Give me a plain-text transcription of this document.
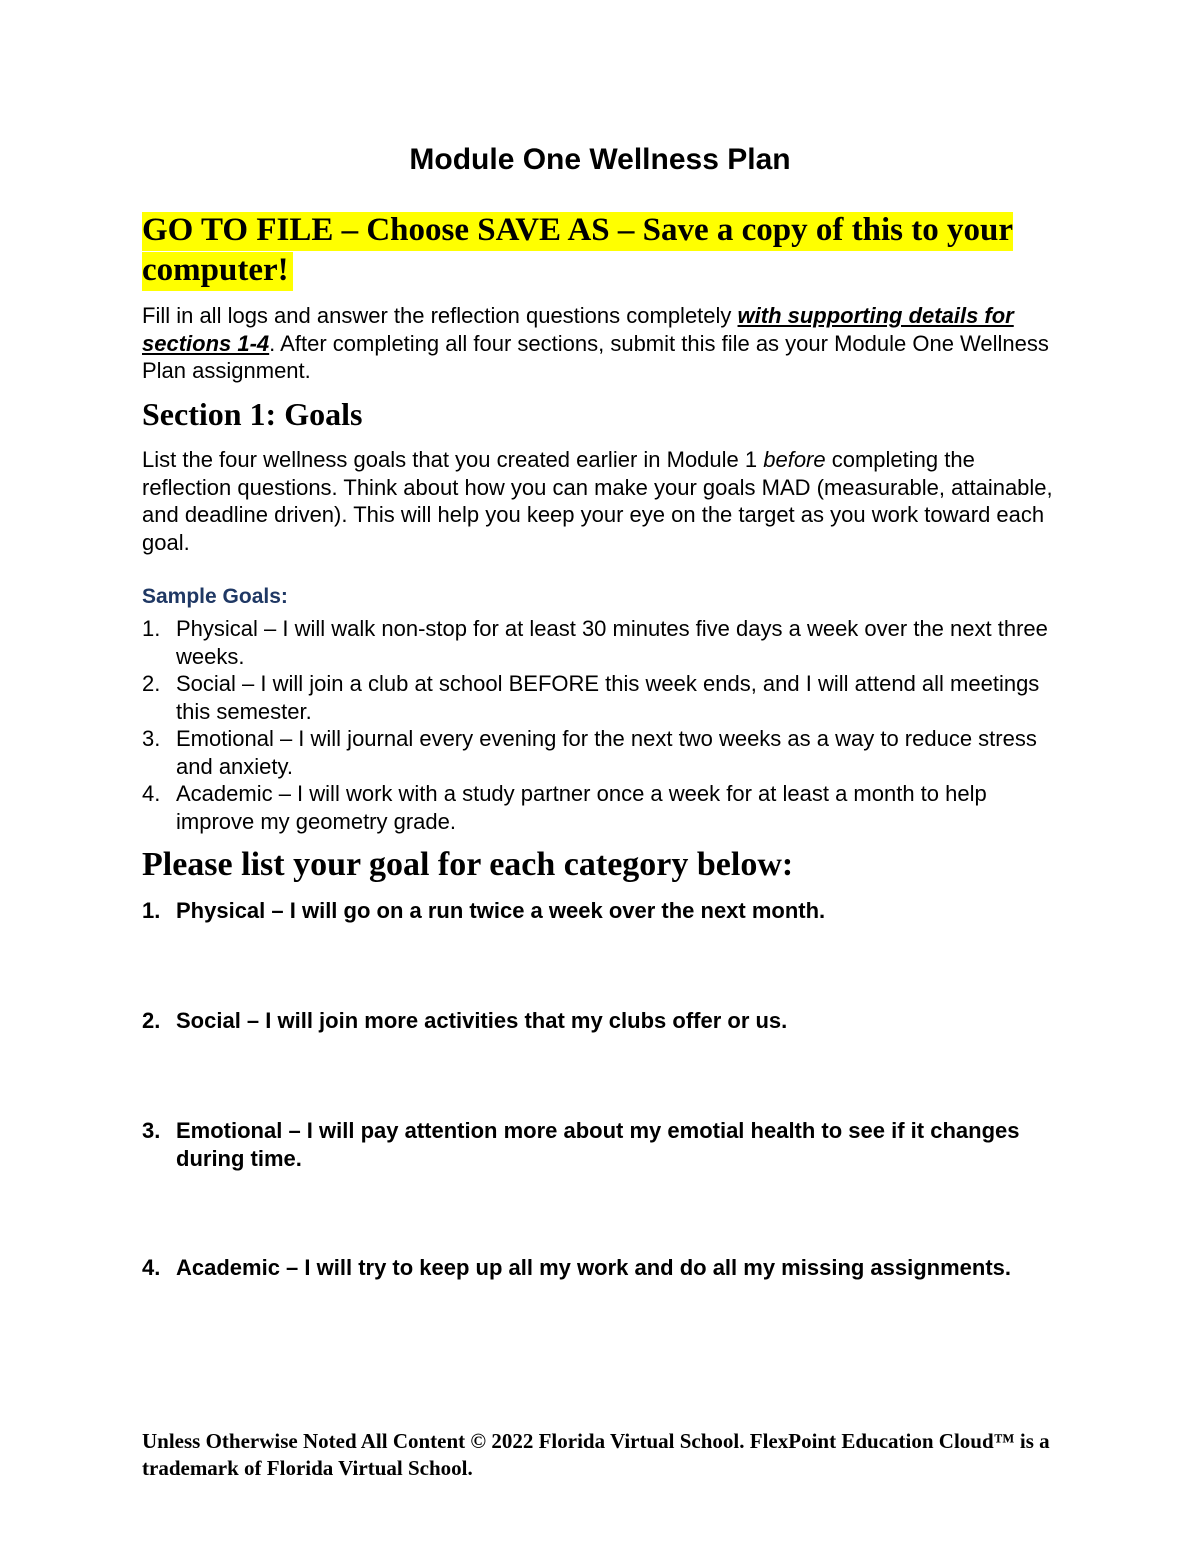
Module One Wellness Plan
GO TO FILE – Choose SAVE AS – Save a copy of this to your computer!
Fill in all logs and answer the reflection questions completely with supporting details for sections 1-4. After completing all four sections, submit this file as your Module One Wellness Plan assignment.
Section 1: Goals
List the four wellness goals that you created earlier in Module 1 before completing the reflection questions. Think about how you can make your goals MAD (measurable, attainable, and deadline driven). This will help you keep your eye on the target as you work toward each goal.
Sample Goals:
1. Physical – I will walk non-stop for at least 30 minutes five days a week over the next three weeks.
2. Social – I will join a club at school BEFORE this week ends, and I will attend all meetings this semester.
3. Emotional – I will journal every evening for the next two weeks as a way to reduce stress and anxiety.
4. Academic – I will work with a study partner once a week for at least a month to help improve my geometry grade.
Please list your goal for each category below:
1. Physical – I will go on a run twice a week over the next month.
2. Social – I will join more activities that my clubs offer or us.
3. Emotional – I will pay attention more about my emotial health to see if it changes during time.
4. Academic – I will try to keep up all my work and do all my missing assignments.
Unless Otherwise Noted All Content © 2022 Florida Virtual School. FlexPoint Education Cloud™ is a trademark of Florida Virtual School.
